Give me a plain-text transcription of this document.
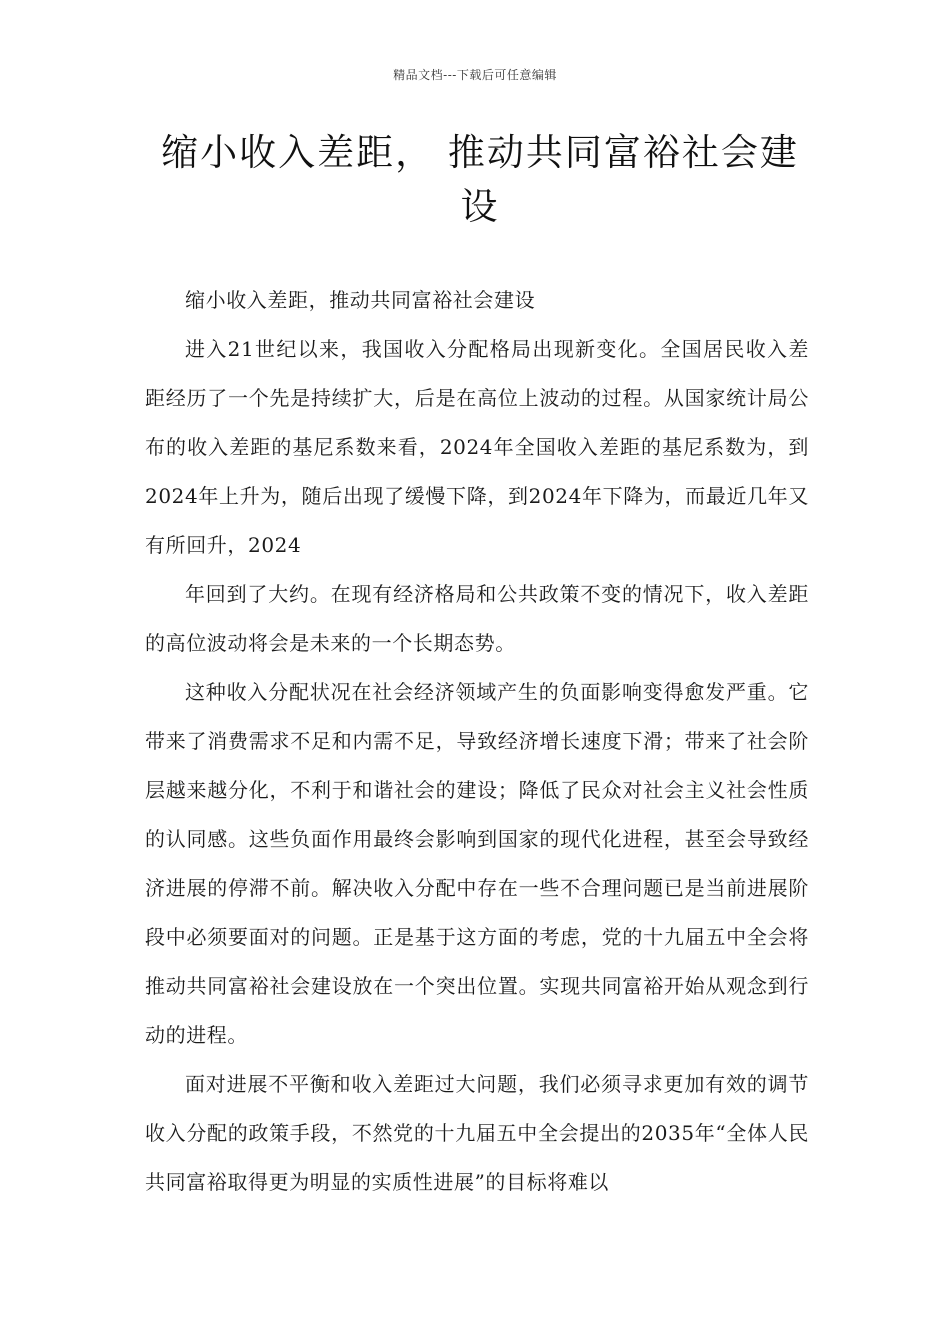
精品文档---下载后可任意编辑
缩小收入差距， 推动共同富裕社会建
设

缩小收入差距，推动共同富裕社会建设

进入21世纪以来，我国收入分配格局出现新变化。全国居民收入差距经历了一个先是持续扩大，后是在高位上波动的过程。从国家统计局公布的收入差距的基尼系数来看，2024年全国收入差距的基尼系数为，到2024年上升为，随后出现了缓慢下降，到2024年下降为，而最近几年又有所回升，2024

年回到了大约。在现有经济格局和公共政策不变的情况下，收入差距的高位波动将会是未来的一个长期态势。

这种收入分配状况在社会经济领域产生的负面影响变得愈发严重。它带来了消费需求不足和内需不足，导致经济增长速度下滑；带来了社会阶层越来越分化，不利于和谐社会的建设；降低了民众对社会主义社会性质的认同感。这些负面作用最终会影响到国家的现代化进程，甚至会导致经济进展的停滞不前。解决收入分配中存在一些不合理问题已是当前进展阶段中必须要面对的问题。正是基于这方面的考虑，党的十九届五中全会将推动共同富裕社会建设放在一个突出位置。实现共同富裕开始从观念到行动的进程。

面对进展不平衡和收入差距过大问题，我们必须寻求更加有效的调节收入分配的政策手段，不然党的十九届五中全会提出的2035年“全体人民共同富裕取得更为明显的实质性进展”的目标将难以
